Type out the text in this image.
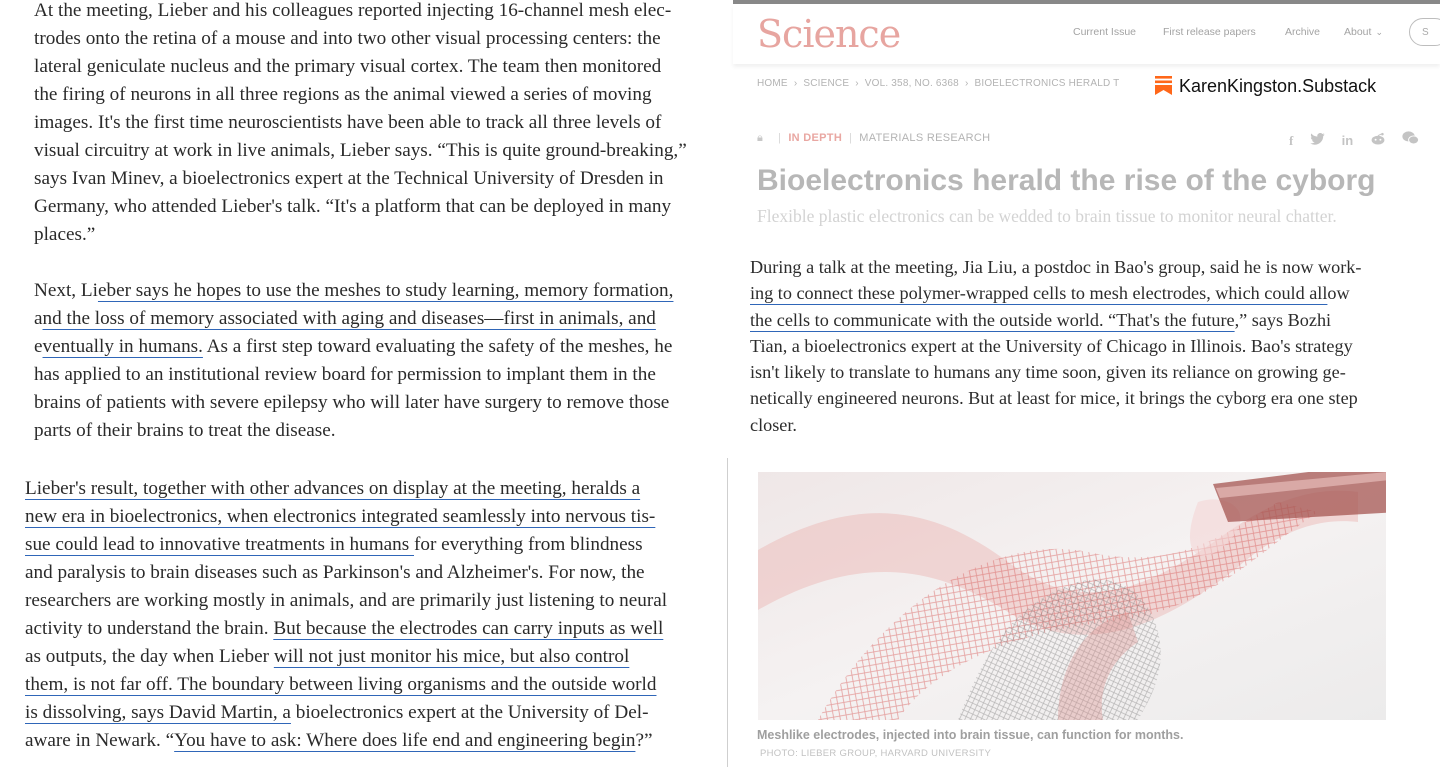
At the meeting, Lieber and his colleagues reported injecting 16-channel mesh elec-
trodes onto the retina of a mouse and into two other visual processing centers: the
lateral geniculate nucleus and the primary visual cortex. The team then monitored
the firing of neurons in all three regions as the animal viewed a series of moving
images. It's the first time neuroscientists have been able to track all three levels of
visual circuitry at work in live animals, Lieber says. “This is quite ground-breaking,”
says Ivan Minev, a bioelectronics expert at the Technical University of Dresden in
Germany, who attended Lieber's talk. “It's a platform that can be deployed in many
places.”
Next, Lieber says he hopes to use the meshes to study learning, memory formation,
and the loss of memory associated with aging and diseases—first in animals, and
eventually in humans. As a first step toward evaluating the safety of the meshes, he
has applied to an institutional review board for permission to implant them in the
brains of patients with severe epilepsy who will later have surgery to remove those
parts of their brains to treat the disease.
Lieber's result, together with other advances on display at the meeting, heralds a
new era in bioelectronics, when electronics integrated seamlessly into nervous tis-
sue could lead to innovative treatments in humans for everything from blindness
and paralysis to brain diseases such as Parkinson's and Alzheimer's. For now, the
researchers are working mostly in animals, and are primarily just listening to neural
activity to understand the brain. But because the electrodes can carry inputs as well
as outputs, the day when Lieber will not just monitor his mice, but also control
them, is not far off. The boundary between living organisms and the outside world
is dissolving, says David Martin, a bioelectronics expert at the University of Del-
aware in Newark. “You have to ask: Where does life end and engineering begin?”
Science	Current Issue	First release papers	Archive About ⌄	S
HOME › SCIENCE › VOL. 358, NO. 6368 › BIOELECTRONICS HERALD T	KarenKingston.Substack
🔒︎ | IN DEPTH | MATERIALS RESEARCH	f	in
Bioelectronics herald the rise of the cyborg
Flexible plastic electronics can be wedded to brain tissue to monitor neural chatter.
During a talk at the meeting, Jia Liu, a postdoc in Bao's group, said he is now work-
ing to connect these polymer-wrapped cells to mesh electrodes, which could allow
the cells to communicate with the outside world. “That's the future,” says Bozhi
Tian, a bioelectronics expert at the University of Chicago in Illinois. Bao's strategy
isn't likely to translate to humans any time soon, given its reliance on growing ge-
netically engineered neurons. But at least for mice, it brings the cyborg era one step
closer.
Meshlike electrodes, injected into brain tissue, can function for months.
PHOTO: LIEBER GROUP, HARVARD UNIVERSITY
